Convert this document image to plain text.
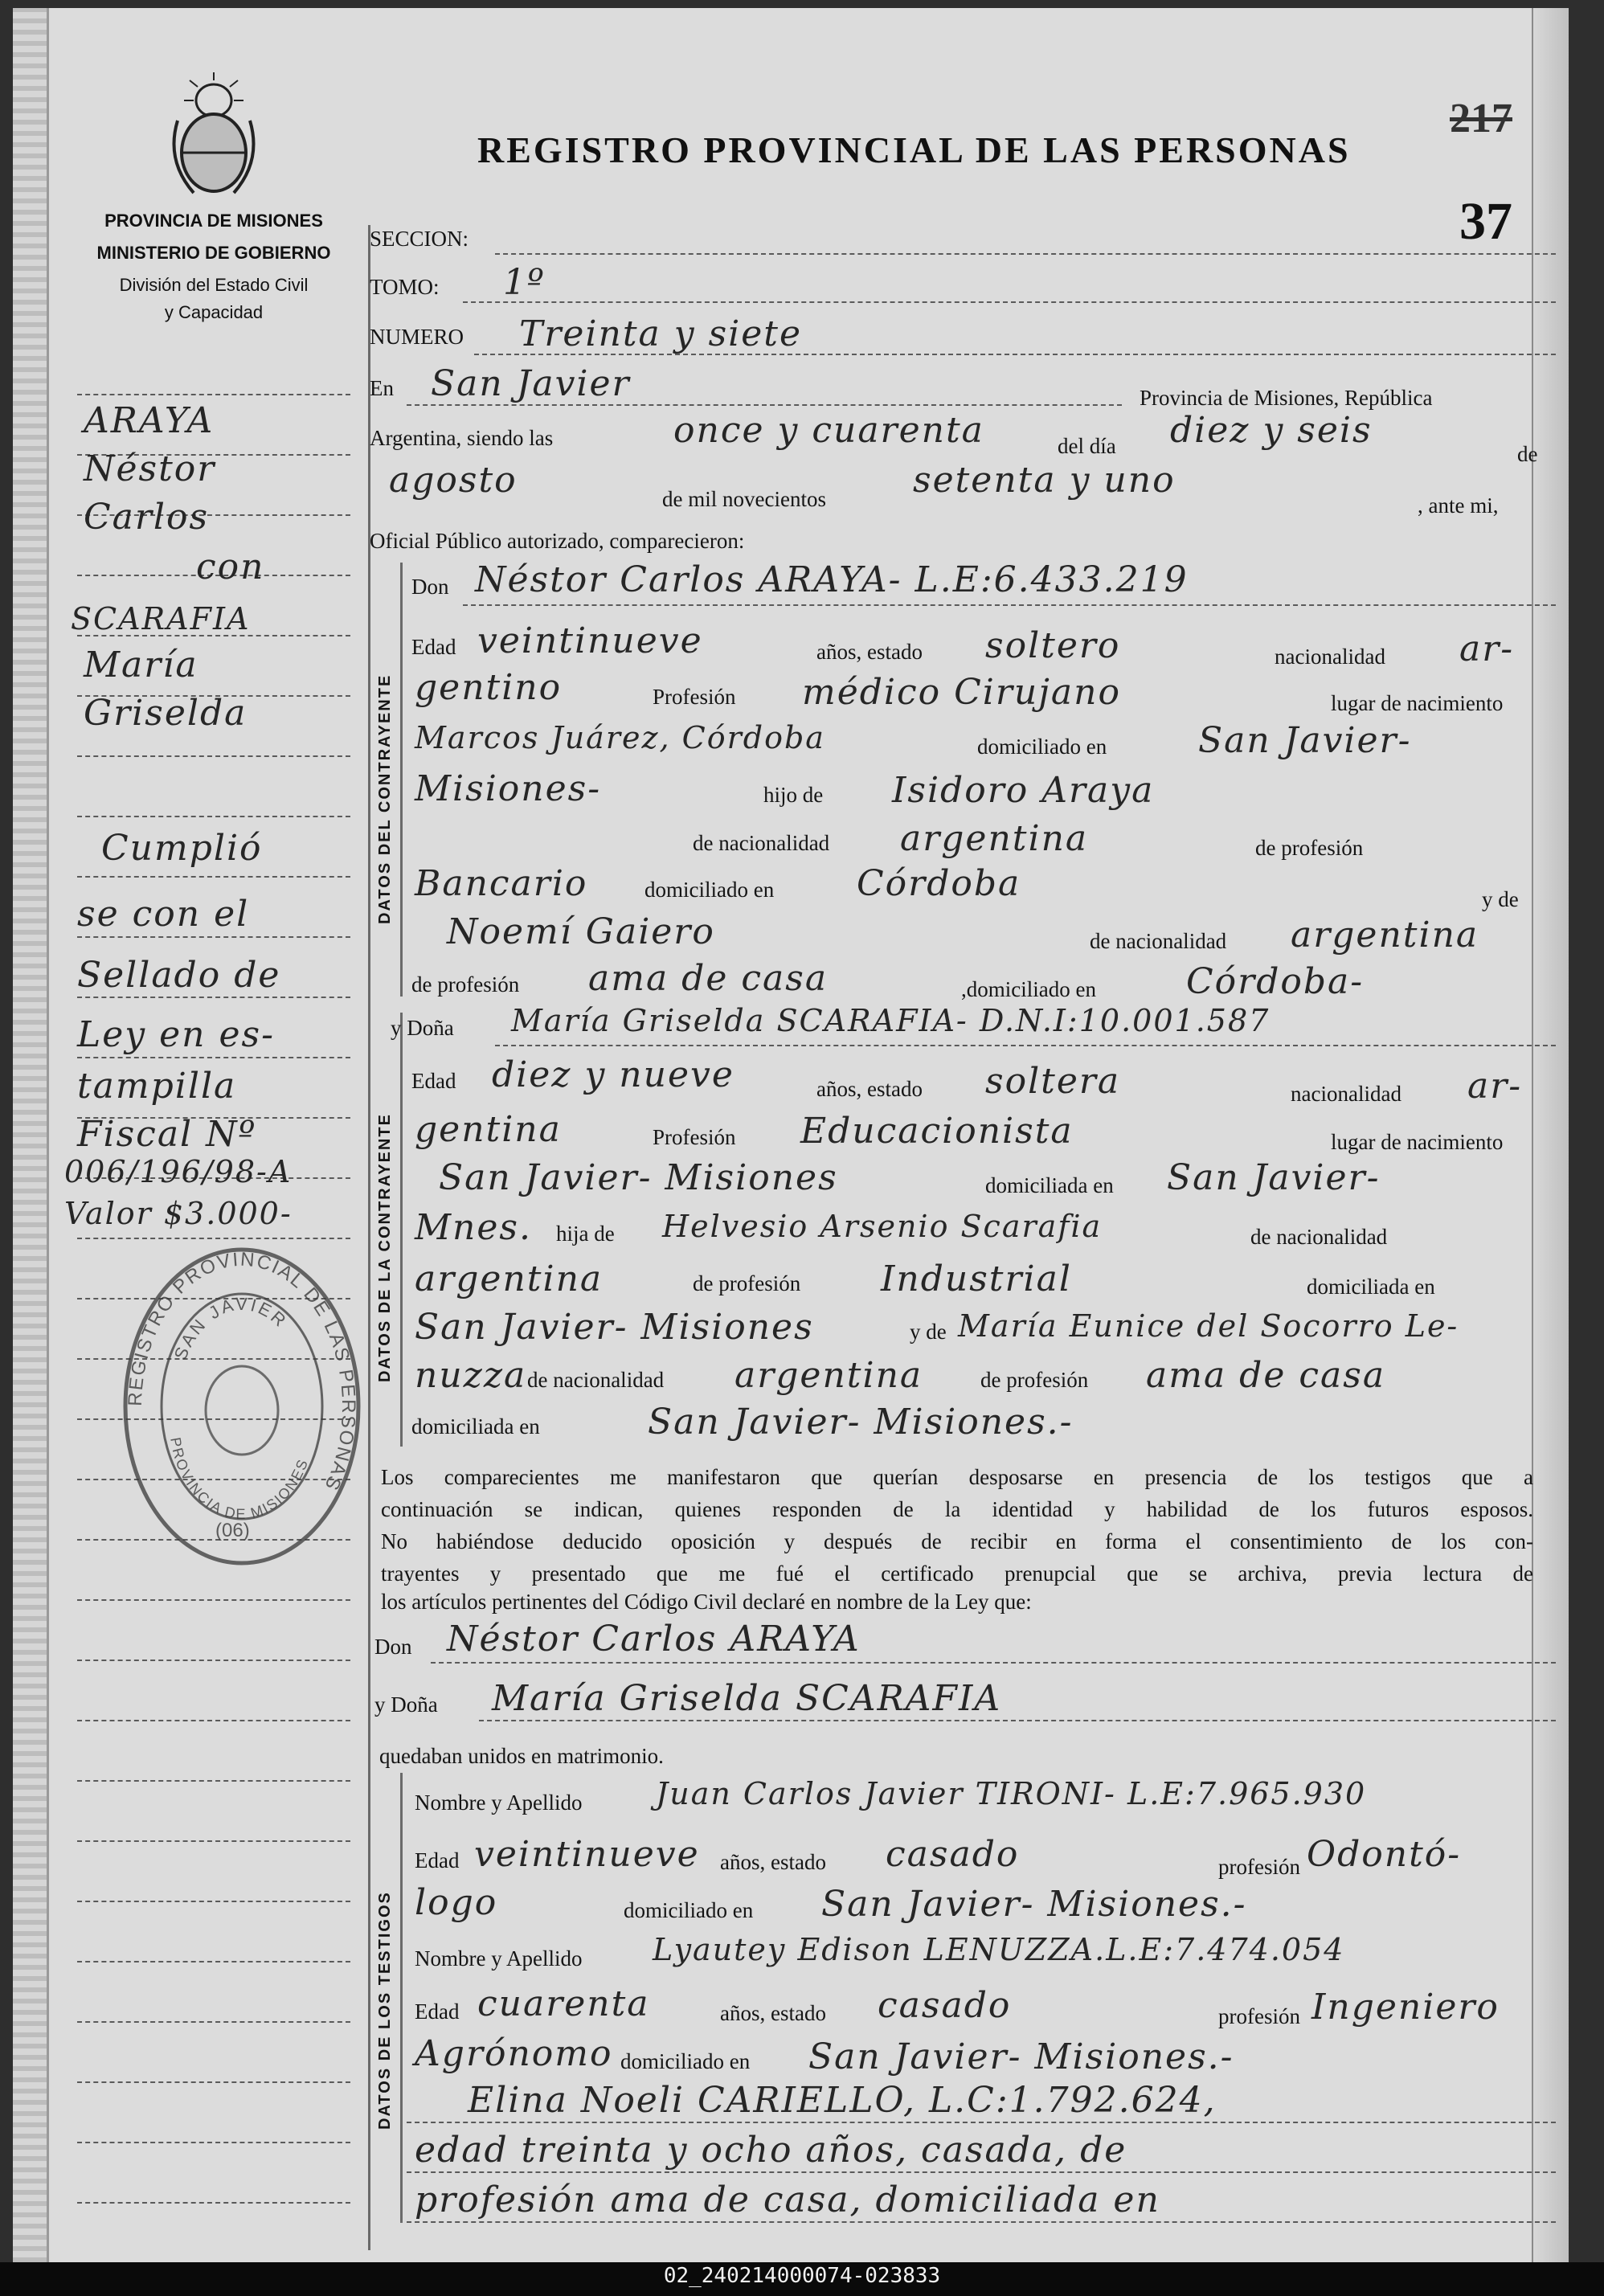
PROVINCIA DE MISIONES
MINISTERIO DE GOBIERNO
División del Estado Civil
y Capacidad
REGISTRO PROVINCIAL DE LAS PERSONAS
217
37
ARAYA
Néstor
Carlos
con
SCARAFIA
María
Griselda
Cumplió
se con el
Sellado de
Ley en es-
tampilla
Fiscal Nº
006/196/98-A
Valor $3.000-
REGISTRO PROVINCIAL DE LAS PERSONAS
SAN JAVIER
PROVINCIA DE MISIONES
(06)
SECCION:
TOMO: 1º
NUMERO Treinta y siete
En San Javier	Provincia de Misiones, República
Argentina, siendo las	once y cuarenta	del día diez y seis
de
agosto	de mil novecientos setenta y uno
, ante mi,
Oficial Público autorizado, comparecieron:
DATOS DEL CONTRAYENTE
Don Néstor Carlos ARAYA- L.E:6.433.219
Edad veintinueve	años, estado soltero	nacionalidad ar-
gentino	Profesión médico Cirujano	lugar de nacimiento
Marcos Juárez, Córdoba	domiciliado en	San Javier-
Misiones-	hijo de Isidoro Araya
de nacionalidad argentina	de profesión
Bancario	domiciliado en Córdoba	y de
Noemí Gaiero	de nacionalidad argentina
de profesión ama de casa	,domiciliado en	Córdoba-
DATOS DE LA CONTRAYENTE
y Doña María Griselda SCARAFIA- D.N.I:10.001.587
Edad diez y nueve	años, estado soltera	nacionalidad ar-
gentina	Profesión Educacionista	lugar de nacimiento
San Javier- Misiones	domiciliada en San Javier-
Mnes. hija de Helvesio Arsenio Scarafia	de nacionalidad
argentina	de profesión Industrial	domiciliada en
San Javier- Misiones	y de María Eunice del Socorro Le-
nuzza de nacionalidad argentina	de profesión ama de casa
domiciliada en	San Javier- Misiones.-
Los comparecientes me manifestaron que querían desposarse en presencia de los testigos que a
continuación se indican, quienes responden de la identidad y habilidad de los futuros esposos.
No habiéndose deducido oposición y después de recibir en forma el consentimiento de los con-
trayentes y presentado que me fué el certificado prenupcial que se archiva, previa lectura de
los artículos pertinentes del Código Civil declaré en nombre de la Ley que:
Don Néstor Carlos ARAYA
y Doña María Griselda SCARAFIA
quedaban unidos en matrimonio.
DATOS DE LOS TESTIGOS
Nombre y Apellido Juan Carlos Javier TIRONI- L.E:7.965.930
Edad veintinueve años, estado casado	profesión Odontó-
logo	domiciliado en San Javier- Misiones.-
Nombre y Apellido Lyautey Edison LENUZZA.L.E:7.474.054
Edad cuarenta	años, estado casado	profesión Ingeniero
Agrónomo domiciliado en San Javier- Misiones.-
Elina Noeli CARIELLO, L.C:1.792.624,
edad treinta y ocho años, casada, de
profesión ama de casa, domiciliada en
02_240214000074-023833
